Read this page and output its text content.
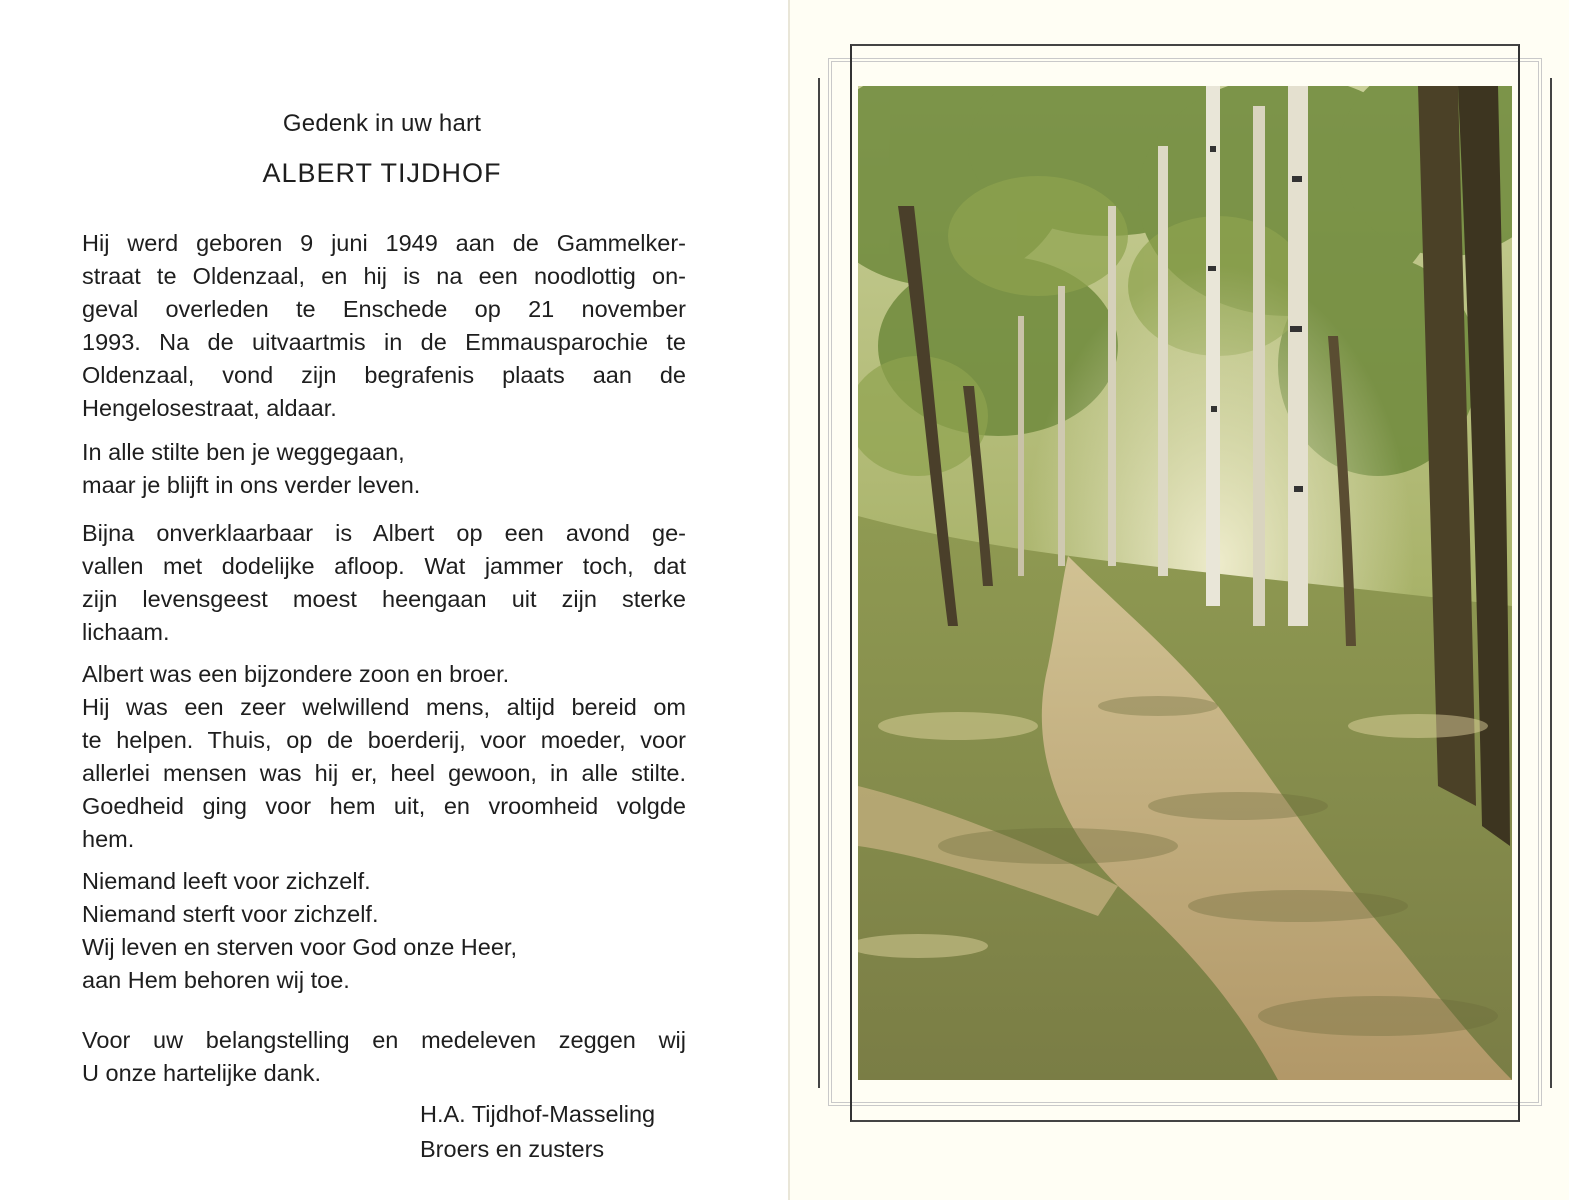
Gedenk in uw hart
ALBERT TIJDHOF

Hij werd geboren 9 juni 1949 aan de Gammelker-
straat te Oldenzaal, en hij is na een noodlottig on-
geval overleden te Enschede op 21 november
1993. Na de uitvaartmis in de Emmausparochie te
Oldenzaal, vond zijn begrafenis plaats aan de
Hengelosestraat, aldaar.

In alle stilte ben je weggegaan,
maar je blijft in ons verder leven.

Bijna onverklaarbaar is Albert op een avond ge-
vallen met dodelijke afloop. Wat jammer toch, dat
zijn levensgeest moest heengaan uit zijn sterke
lichaam.

Albert was een bijzondere zoon en broer.
Hij was een zeer welwillend mens, altijd bereid om
te helpen. Thuis, op de boerderij, voor moeder, voor
allerlei mensen was hij er, heel gewoon, in alle stilte.
Goedheid ging voor hem uit, en vroomheid volgde
hem.

Niemand leeft voor zichzelf.
Niemand sterft voor zichzelf.
Wij leven en sterven voor God onze Heer,
aan Hem behoren wij toe.

Voor uw belangstelling en medeleven zeggen wij
U onze hartelijke dank.

H.A. Tijdhof-Masseling
Broers en zusters
